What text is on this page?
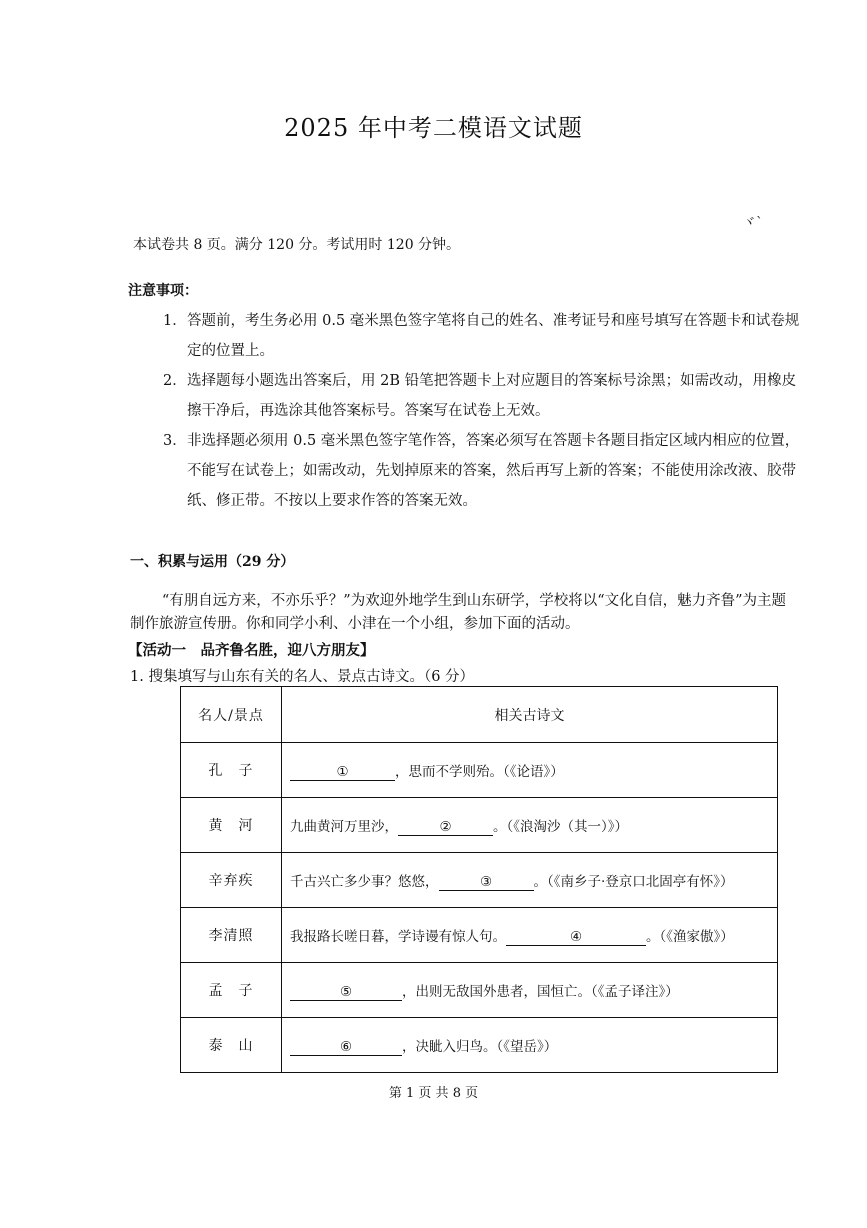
2025 年中考二模语文试题
ヾ`
本试卷共 8 页。满分 120 分。考试用时 120 分钟。
注意事项：
1． 答题前，考生务必用 0.5 毫米黑色签字笔将自己的姓名、准考证号和座号填写在答题卡和试卷规定的位置上。
2． 选择题每小题选出答案后，用 2B 铅笔把答题卡上对应题目的答案标号涂黑；如需改动，用橡皮擦干净后，再选涂其他答案标号。答案写在试卷上无效。
3． 非选择题必须用 0.5 毫米黑色签字笔作答，答案必须写在答题卡各题目指定区域内相应的位置，不能写在试卷上；如需改动，先划掉原来的答案，然后再写上新的答案；不能使用涂改液、胶带纸、修正带。不按以上要求作答的答案无效。
一、积累与运用（29 分）
“有朋自远方来，不亦乐乎？”为欢迎外地学生到山东研学，学校将以“文化自信，魅力齐鲁”为主题制作旅游宣传册。你和同学小利、小津在一个小组，参加下面的活动。
【活动一　品齐鲁名胜，迎八方朋友】
1. 搜集填写与山东有关的名人、景点古诗文。（6 分）
名人/景点	相关古诗文
孔　子	① ，思而不学则殆。（《论语》）
黄　河	九曲黄河万里沙， ② 。（《浪淘沙（其一）》）
辛弃疾	千古兴亡多少事？悠悠， ③ 。（《南乡子·登京口北固亭有怀》）
李清照	我报路长嗟日暮，学诗谩有惊人句。 ④ 。（《渔家傲》）
孟　子	⑤ ，出则无敌国外患者，国恒亡。（《孟子译注》）
泰　山	⑥ ，决眦入归鸟。（《望岳》）
第 1 页 共 8 页
